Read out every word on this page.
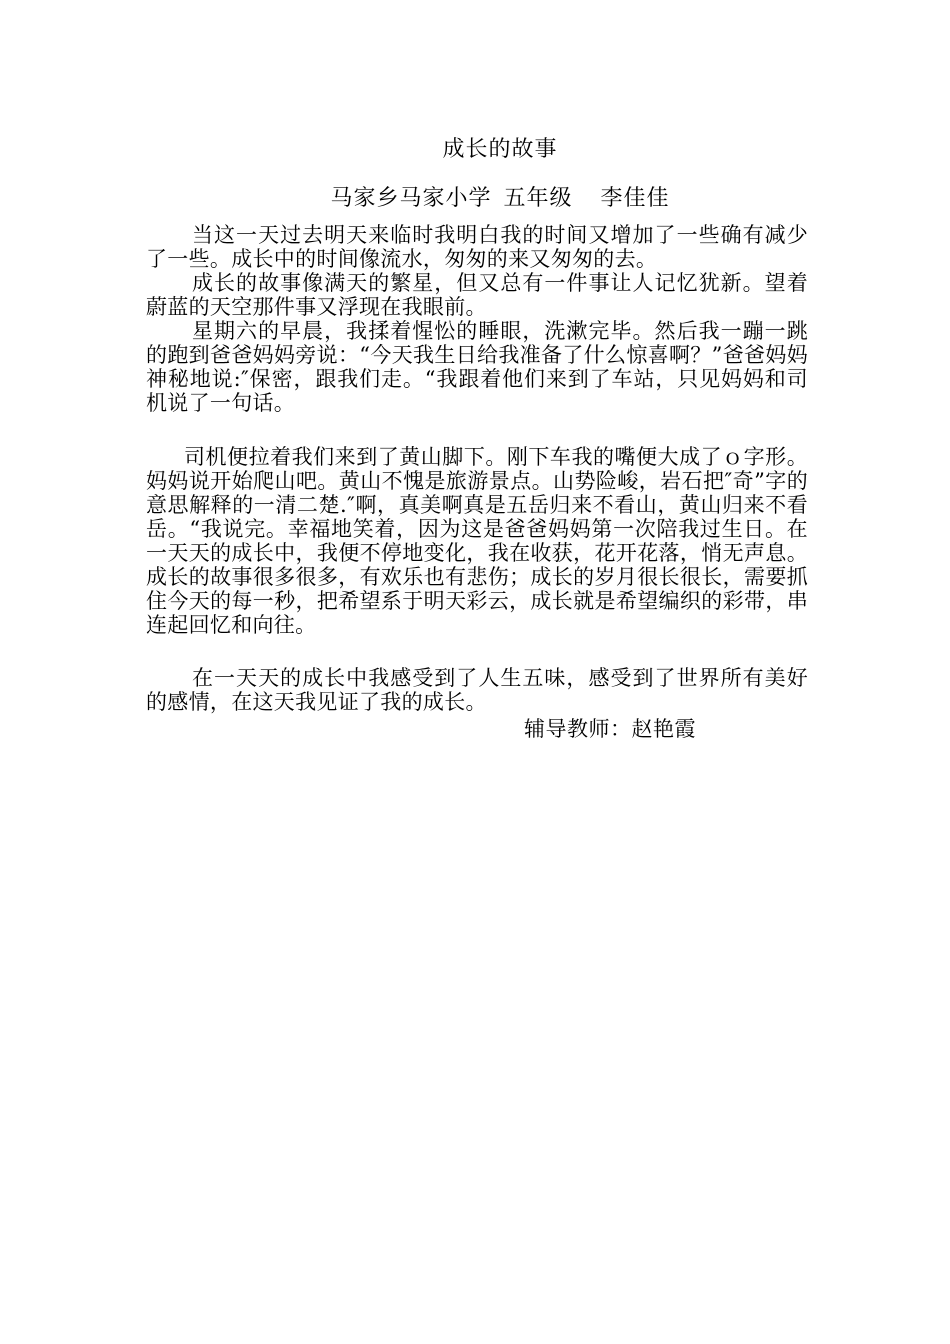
成长的故事
马家乡马家小学 五年级 李佳佳

当这一天过去明天来临时我明白我的时间又增加了一些确有减少了一些。成长中的时间像流水，匆匆的来又匆匆的去。

成长的故事像满天的繁星，但又总有一件事让人记忆犹新。望着蔚蓝的天空那件事又浮现在我眼前。

星期六的早晨，我揉着惺忪的睡眼，洗漱完毕。然后我一蹦一跳的跑到爸爸妈妈旁说：“今天我生日给我准备了什么惊喜啊？”爸爸妈妈神秘地说:″保密，跟我们走。“我跟着他们来到了车站，只见妈妈和司机说了一句话。

司机便拉着我们来到了黄山脚下。刚下车我的嘴便大成了ｏ字形。妈妈说开始爬山吧。黄山不愧是旅游景点。山势险峻，岩石把″奇”字的意思解释的一清二楚.″啊，真美啊真是五岳归来不看山，黄山归来不看岳。“我说完。幸福地笑着，因为这是爸爸妈妈第一次陪我过生日。在一天天的成长中，我便不停地变化，我在收获，花开花落，悄无声息。成长的故事很多很多，有欢乐也有悲伤；成长的岁月很长很长，需要抓住今天的每一秒，把希望系于明天彩云，成长就是希望编织的彩带，串连起回忆和向往。

在一天天的成长中我感受到了人生五味，感受到了世界所有美好的感情，在这天我见证了我的成长。

辅导教师：赵艳霞
